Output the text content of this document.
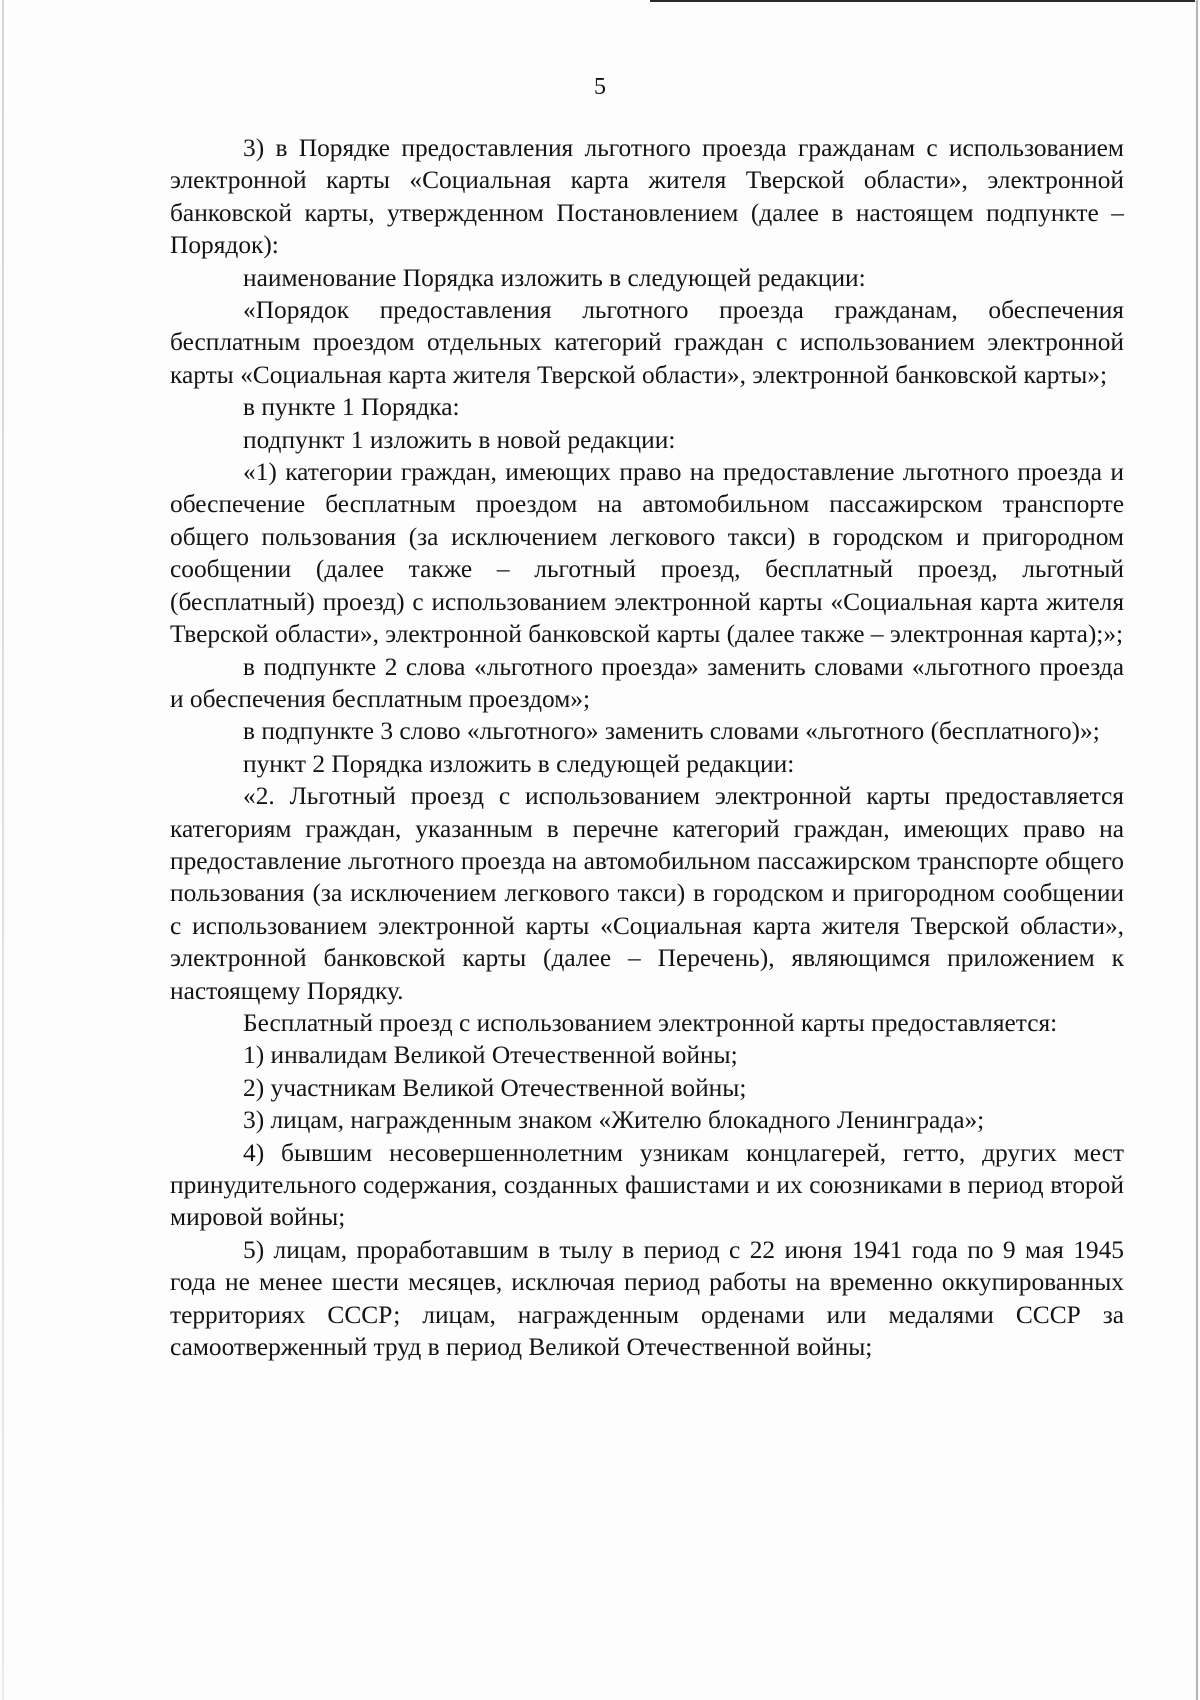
5

3) в Порядке предоставления льготного проезда гражданам с использованием электронной карты «Социальная карта жителя Тверской области», электронной банковской карты, утвержденном Постановлением (далее в настоящем подпункте – Порядок):

наименование Порядка изложить в следующей редакции:

«Порядок предоставления льготного проезда гражданам, обеспечения бесплатным проездом отдельных категорий граждан с использованием электронной карты «Социальная карта жителя Тверской области», электронной банковской карты»;

в пункте 1 Порядка:

подпункт 1 изложить в новой редакции:

«1) категории граждан, имеющих право на предоставление льготного проезда и обеспечение бесплатным проездом на автомобильном пассажирском транспорте общего пользования (за исключением легкового такси) в городском и пригородном сообщении (далее также – льготный проезд, бесплатный проезд, льготный (бесплатный) проезд) с использованием электронной карты «Социальная карта жителя Тверской области», электронной банковской карты (далее также – электронная карта);»;

в подпункте 2 слова «льготного проезда» заменить словами «льготного проезда и обеспечения бесплатным проездом»;

в подпункте 3 слово «льготного» заменить словами «льготного (бесплатного)»;

пункт 2 Порядка изложить в следующей редакции:

«2. Льготный проезд с использованием электронной карты предоставляется категориям граждан, указанным в перечне категорий граждан, имеющих право на предоставление льготного проезда на автомобильном пассажирском транспорте общего пользования (за исключением легкового такси) в городском и пригородном сообщении с использованием электронной карты «Социальная карта жителя Тверской области», электронной банковской карты (далее – Перечень), являющимся приложением к настоящему Порядку.

Бесплатный проезд с использованием электронной карты предоставляется:

1) инвалидам Великой Отечественной войны;

2) участникам Великой Отечественной войны;

3) лицам, награжденным знаком «Жителю блокадного Ленинграда»;

4) бывшим несовершеннолетним узникам концлагерей, гетто, других мест принудительного содержания, созданных фашистами и их союзниками в период второй мировой войны;

5) лицам, проработавшим в тылу в период с 22 июня 1941 года по 9 мая 1945 года не менее шести месяцев, исключая период работы на временно оккупированных территориях СССР; лицам, награжденным орденами или медалями СССР за самоотверженный труд в период Великой Отечественной войны;
